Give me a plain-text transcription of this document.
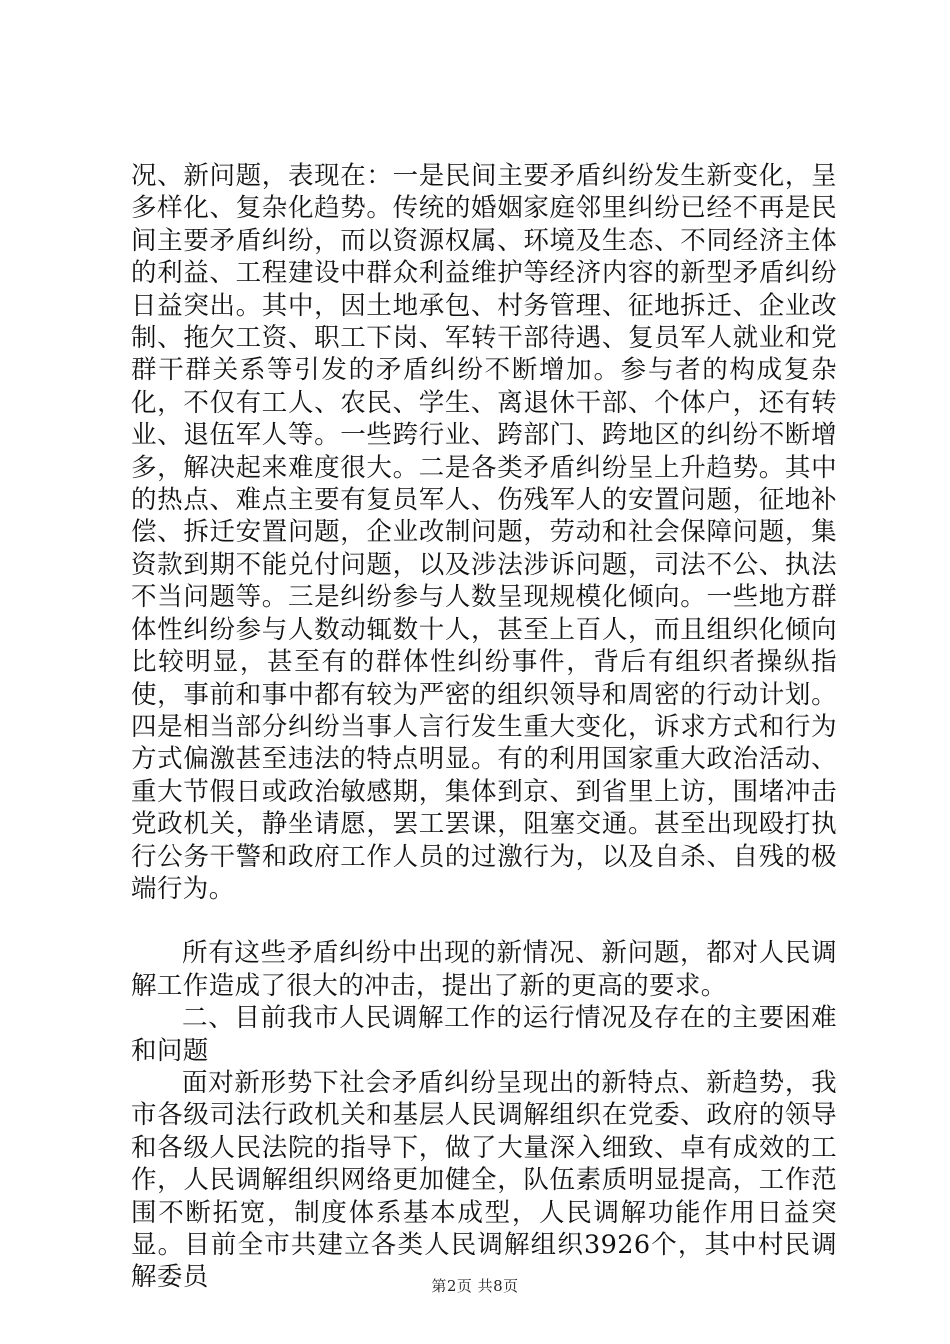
况、新问题，表现在：一是民间主要矛盾纠纷发生新变化，呈多样化、复杂化趋势。传统的婚姻家庭邻里纠纷已经不再是民间主要矛盾纠纷，而以资源权属、环境及生态、不同经济主体的利益、工程建设中群众利益维护等经济内容的新型矛盾纠纷日益突出。其中，因土地承包、村务管理、征地拆迁、企业改制、拖欠工资、职工下岗、军转干部待遇、复员军人就业和党群干群关系等引发的矛盾纠纷不断增加。参与者的构成复杂化，不仅有工人、农民、学生、离退休干部、个体户，还有转业、退伍军人等。一些跨行业、跨部门、跨地区的纠纷不断增多，解决起来难度很大。二是各类矛盾纠纷呈上升趋势。其中的热点、难点主要有复员军人、伤残军人的安置问题，征地补偿、拆迁安置问题，企业改制问题，劳动和社会保障问题，集资款到期不能兑付问题，以及涉法涉诉问题，司法不公、执法不当问题等。三是纠纷参与人数呈现规模化倾向。一些地方群体性纠纷参与人数动辄数十人，甚至上百人，而且组织化倾向比较明显，甚至有的群体性纠纷事件，背后有组织者操纵指使，事前和事中都有较为严密的组织领导和周密的行动计划。四是相当部分纠纷当事人言行发生重大变化，诉求方式和行为方式偏激甚至违法的特点明显。有的利用国家重大政治活动、重大节假日或政治敏感期，集体到京、到省里上访，围堵冲击党政机关，静坐请愿，罢工罢课，阻塞交通。甚至出现殴打执行公务干警和政府工作人员的过激行为，以及自杀、自残的极端行为。

所有这些矛盾纠纷中出现的新情况、新问题，都对人民调解工作造成了很大的冲击，提出了新的更高的要求。

二、目前我市人民调解工作的运行情况及存在的主要困难和问题

面对新形势下社会矛盾纠纷呈现出的新特点、新趋势，我市各级司法行政机关和基层人民调解组织在党委、政府的领导和各级人民法院的指导下，做了大量深入细致、卓有成效的工作，人民调解组织网络更加健全，队伍素质明显提高，工作范围不断拓宽，制度体系基本成型，人民调解功能作用日益突显。目前全市共建立各类人民调解组织3926个，其中村民调解委员	第2页 共8页
